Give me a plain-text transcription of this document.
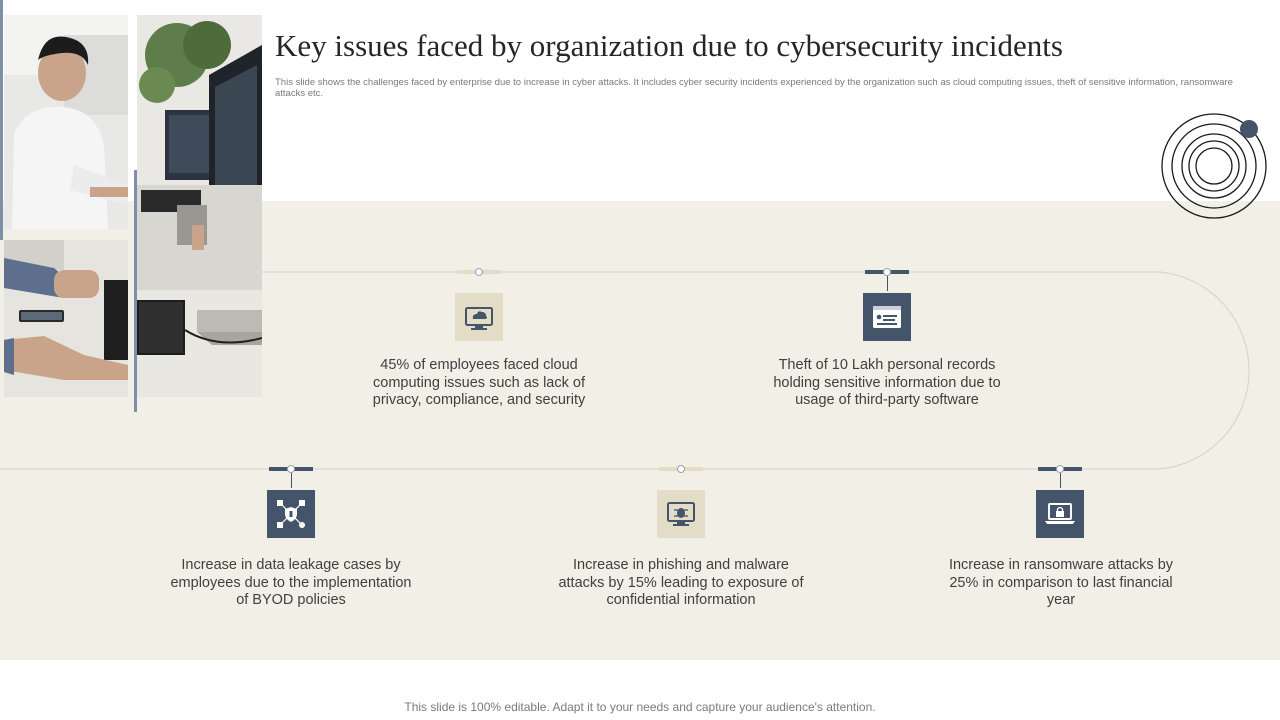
Key issues faced by organization due to cybersecurity incidents
This slide shows the challenges faced by enterprise due to increase in cyber attacks. It includes cyber security incidents experienced by the organization such as cloud computing issues, theft of sensitive information, ransomware attacks etc.
45% of employees faced cloud computing issues such as lack of privacy, compliance, and security
Theft of 10 Lakh personal records holding sensitive information due to usage of third-party software
Increase in data leakage cases by employees due to the implementation of BYOD policies
Increase in phishing and malware attacks by 15% leading to exposure of confidential information
Increase in ransomware attacks by 25% in comparison to last financial year
This slide is 100% editable. Adapt it to your needs and capture your audience's attention.
